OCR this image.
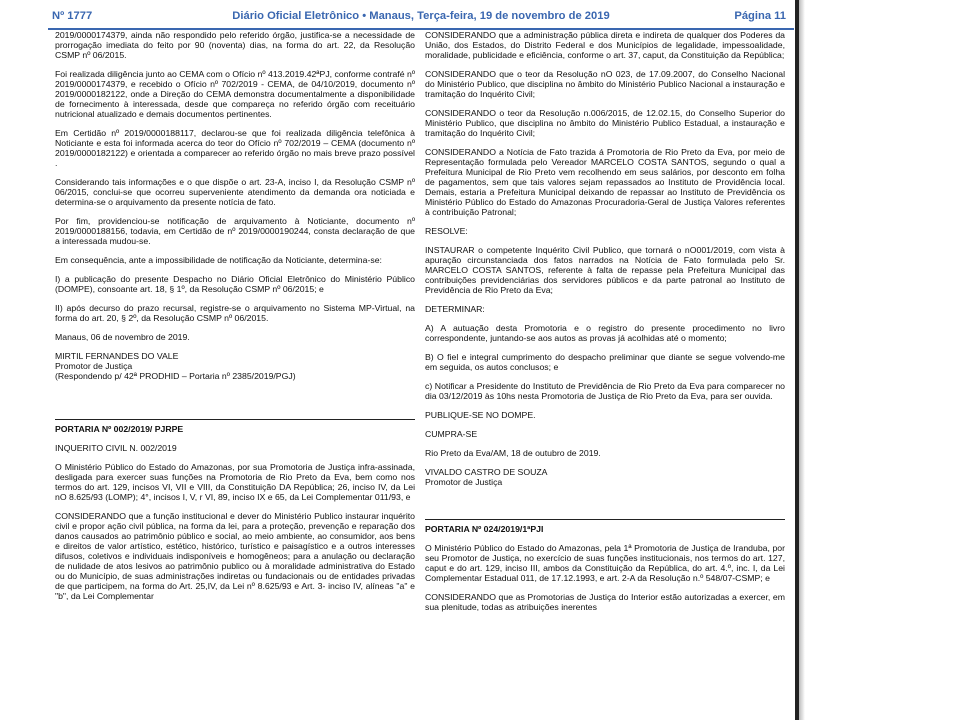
Nº 1777	Diário Oficial Eletrônico • Manaus, Terça-feira, 19 de novembro de 2019	Página 11

2019/0000174379, ainda não respondido pelo referido órgão, justifica-se a necessidade de prorrogação imediata do feito por 90 (noventa) dias, na forma do art. 22, da Resolução CSMP nº 06/2015.

Foi realizada diligência junto ao CEMA com o Ofício nº 413.2019.42ªPJ, conforme contrafé nº 2019/0000174379, e recebido o Ofício nº 702/2019 - CEMA, de 04/10/2019, documento nº 2019/0000182122, onde a Direção do CEMA demonstra documentalmente a disponibilidade de fornecimento à interessada, desde que compareça no referido órgão com receituário nutricional atualizado e demais documentos pertinentes.

Em Certidão nº 2019/0000188117, declarou-se que foi realizada diligência telefônica à Noticiante e esta foi informada acerca do teor do Ofício nº 702/2019 – CEMA (documento nº 2019/0000182122) e orientada a comparecer ao referido órgão no mais breve prazo possível .

Considerando tais informações e o que dispõe o art. 23-A, inciso I, da Resolução CSMP nº 06/2015, conclui-se que ocorreu superveniente atendimento da demanda ora noticiada e determina-se o arquivamento da presente notícia de fato.

Por fim, providenciou-se notificação de arquivamento à Noticiante, documento nº 2019/0000188156, todavia, em Certidão de nº 2019/0000190244, consta declaração de que a interessada mudou-se.

Em consequência, ante a impossibilidade de notificação da Noticiante, determina-se:

I) a publicação do presente Despacho no Diário Oficial Eletrônico do Ministério Público (DOMPE), consoante art. 18, § 1º, da Resolução CSMP nº 06/2015; e

II) após decurso do prazo recursal, registre-se o arquivamento no Sistema MP-Virtual, na forma do art. 20, § 2º, da Resolução CSMP nº 06/2015.

Manaus, 06 de novembro de 2019.

MIRTIL FERNANDES DO VALE

Promotor de Justiça

(Respondendo p/ 42ª PRODHID – Portaria nº 2385/2019/PGJ)

PORTARIA Nº 002/2019/ PJRPE

INQUERITO CIVIL N. 002/2019

O Ministério Público do Estado do Amazonas, por sua Promotoria de Justiça infra-assinada, desligada para exercer suas funções na Promotoria de Rio Preto da Eva, bem como nos termos do art. 129, incisos VI, VII e VIII, da Constituição DA República; 26, inciso IV, da Lei nO 8.625/93 (LOMP); 4°, incisos I, V, r VI, 89, inciso IX e 65, da Lei Complementar 011/93, e

CONSIDERANDO que a função institucional e dever do Ministério Publico instaurar inquérito civil e propor ação civil pública, na forma da lei, para a proteção, prevenção e reparação dos danos causados ao patrimônio público e social, ao meio ambiente, ao consumidor, aos bens e direitos de valor artístico, estético, histórico, turístico e paisagístico e a outros interesses difusos, coletivos e individuais indisponíveis e homogêneos; para a anulação ou declaração de nulidade de atos lesivos ao patrimônio publico ou à moralidade administrativa do Estado ou do Município, de suas administrações indiretas ou fundacionais ou de entidades privadas de que participem, na forma do Art. 25,IV, da Lei nº 8.625/93 e Art. 3- inciso IV, alíneas "a" e "b", da Lei Complementar

CONSIDERANDO que a administração pública direta e indireta de qualquer dos Poderes da União, dos Estados, do Distrito Federal e dos Municípios de legalidade, impessoalidade, moralidade, publicidade e eficiência, conforme o art. 37, caput, da Constituição da República;

CONSIDERANDO que o teor da Resolução nO 023, de 17.09.2007, do Conselho Nacional do Ministério Publico, que disciplina no âmbito do Ministério Publico Nacional a instauração e tramitação do Inquérito Civil;

CONSIDERANDO o teor da Resolução n.006/2015, de 12.02.15, do Conselho Superior do Ministério Publico, que disciplina no âmbito do Ministério Publico Estadual, a instauração e tramitação do Inquérito Civil;

CONSIDERANDO a Notícia de Fato trazida á Promotoria de Rio Preto da Eva, por meio de Representação formulada pelo Vereador MARCELO COSTA SANTOS, segundo o qual a Prefeitura Municipal de Rio Preto vem recolhendo em seus salários, por desconto em folha de pagamentos, sem que tais valores sejam repassados ao Instituto de Providência local. Demais, estaria a Prefeitura Municipal deixando de repassar ao Instituto de Previdência os Ministério Público do Estado do Amazonas Procuradoria-Geral de Justiça Valores referentes à contribuição Patronal;

RESOLVE:

INSTAURAR o competente Inquérito Civil Publico, que tornará o nO001/2019, com vista à apuração circunstanciada dos fatos narrados na Notícia de Fato formulada pelo Sr. MARCELO COSTA SANTOS, referente à falta de repasse pela Prefeitura Municipal das contribuições previdenciárias dos servidores públicos e da parte patronal ao Instituto de Previdência de Rio Preto da Eva;

DETERMINAR:

A) A autuação desta Promotoria e o registro do presente procedimento no livro correspondente, juntando-se aos autos as provas já acolhidas até o momento;

B) O fiel e integral cumprimento do despacho preliminar que diante se segue volvendo-me em seguida, os autos conclusos; e

c) Notificar a Presidente do Instituto de Previdência de Rio Preto da Eva para comparecer no dia 03/12/2019 às 10hs nesta Promotoria de Justiça de Rio Preto da Eva, para ser ouvida.

PUBLIQUE-SE NO DOMPE.

CUMPRA-SE

Rio Preto da Eva/AM, 18 de outubro de 2019.

VIVALDO CASTRO DE SOUZA

Promotor de Justiça

PORTARIA Nº 024/2019/1ªPJI

O Ministério Público do Estado do Amazonas, pela 1ª Promotoria de Justiça de Iranduba, por seu Promotor de Justiça, no exercício de suas funções institucionais, nos termos do art. 127, caput e do art. 129, inciso III, ambos da Constituição da República, do art. 4.º, inc. I, da Lei Complementar Estadual 011, de 17.12.1993, e art. 2-A da Resolução n.º 548/07-CSMP; e

CONSIDERANDO que as Promotorias de Justiça do Interior estão autorizadas a exercer, em sua plenitude, todas as atribuições inerentes
